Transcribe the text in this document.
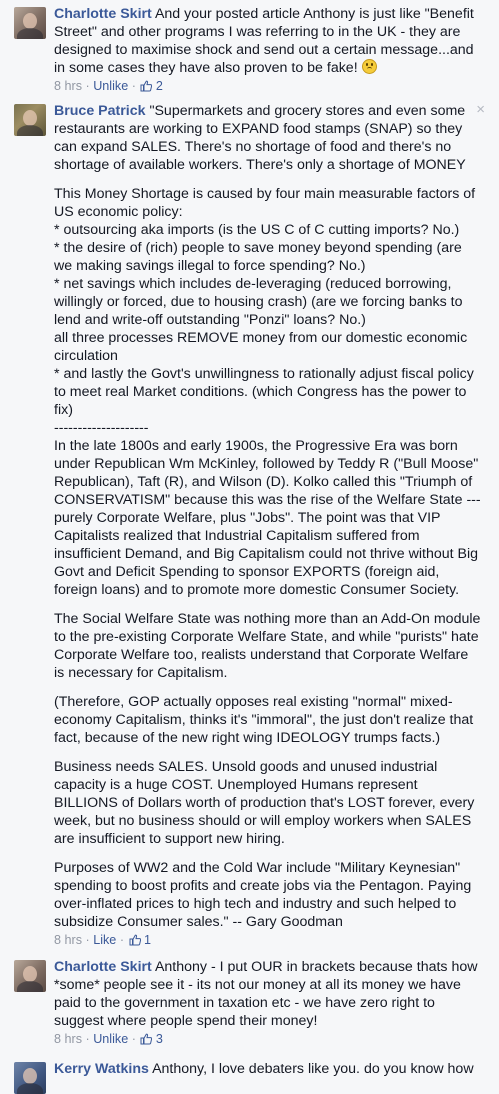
Charlotte Skirt And your posted article Anthony is just like "Benefit Street" and other programs I was referring to in the UK - they are designed to maximise shock and send out a certain message...and in some cases they have also proven to be fake!
8 hrs · Unlike · 2

Bruce Patrick "Supermarkets and grocery stores and even some restaurants are working to EXPAND food stamps (SNAP) so they can expand SALES. There's no shortage of food and there's no shortage of available workers. There's only a shortage of MONEY

This Money Shortage is caused by four main measurable factors of US economic policy:
* outsourcing aka imports (is the US C of C cutting imports? No.)
* the desire of (rich) people to save money beyond spending (are we making savings illegal to force spending? No.)
* net savings which includes de-leveraging (reduced borrowing, willingly or forced, due to housing crash) (are we forcing banks to lend and write-off outstanding "Ponzi" loans? No.)
all three processes REMOVE money from our domestic economic circulation
* and lastly the Govt's unwillingness to rationally adjust fiscal policy to meet real Market conditions. (which Congress has the power to fix)
--------------------
In the late 1800s and early 1900s, the Progressive Era was born under Republican Wm McKinley, followed by Teddy R ("Bull Moose" Republican), Taft (R), and Wilson (D). Kolko called this "Triumph of CONSERVATISM" because this was the rise of the Welfare State --- purely Corporate Welfare, plus "Jobs". The point was that VIP Capitalists realized that Industrial Capitalism suffered from insufficient Demand, and Big Capitalism could not thrive without Big Govt and Deficit Spending to sponsor EXPORTS (foreign aid, foreign loans) and to promote more domestic Consumer Society.

The Social Welfare State was nothing more than an Add-On module to the pre-existing Corporate Welfare State, and while "purists" hate Corporate Welfare too, realists understand that Corporate Welfare is necessary for Capitalism.

(Therefore, GOP actually opposes real existing "normal" mixed-economy Capitalism, thinks it's "immoral", the just don't realize that fact, because of the new right wing IDEOLOGY trumps facts.)

Business needs SALES. Unsold goods and unused industrial capacity is a huge COST. Unemployed Humans represent BILLIONS of Dollars worth of production that's LOST forever, every week, but no business should or will employ workers when SALES are insufficient to support new hiring.

Purposes of WW2 and the Cold War include "Military Keynesian" spending to boost profits and create jobs via the Pentagon. Paying over-inflated prices to high tech and industry and such helped to subsidize Consumer sales." -- Gary Goodman

8 hrs · Like · 1
×
Charlotte Skirt Anthony - I put OUR in brackets because thats how *some* people see it - its not our money at all its money we have paid to the government in taxation etc - we have zero right to suggest where people spend their money!
8 hrs · Unlike · 3
Kerry Watkins Anthony, I love debaters like you. do you know how
